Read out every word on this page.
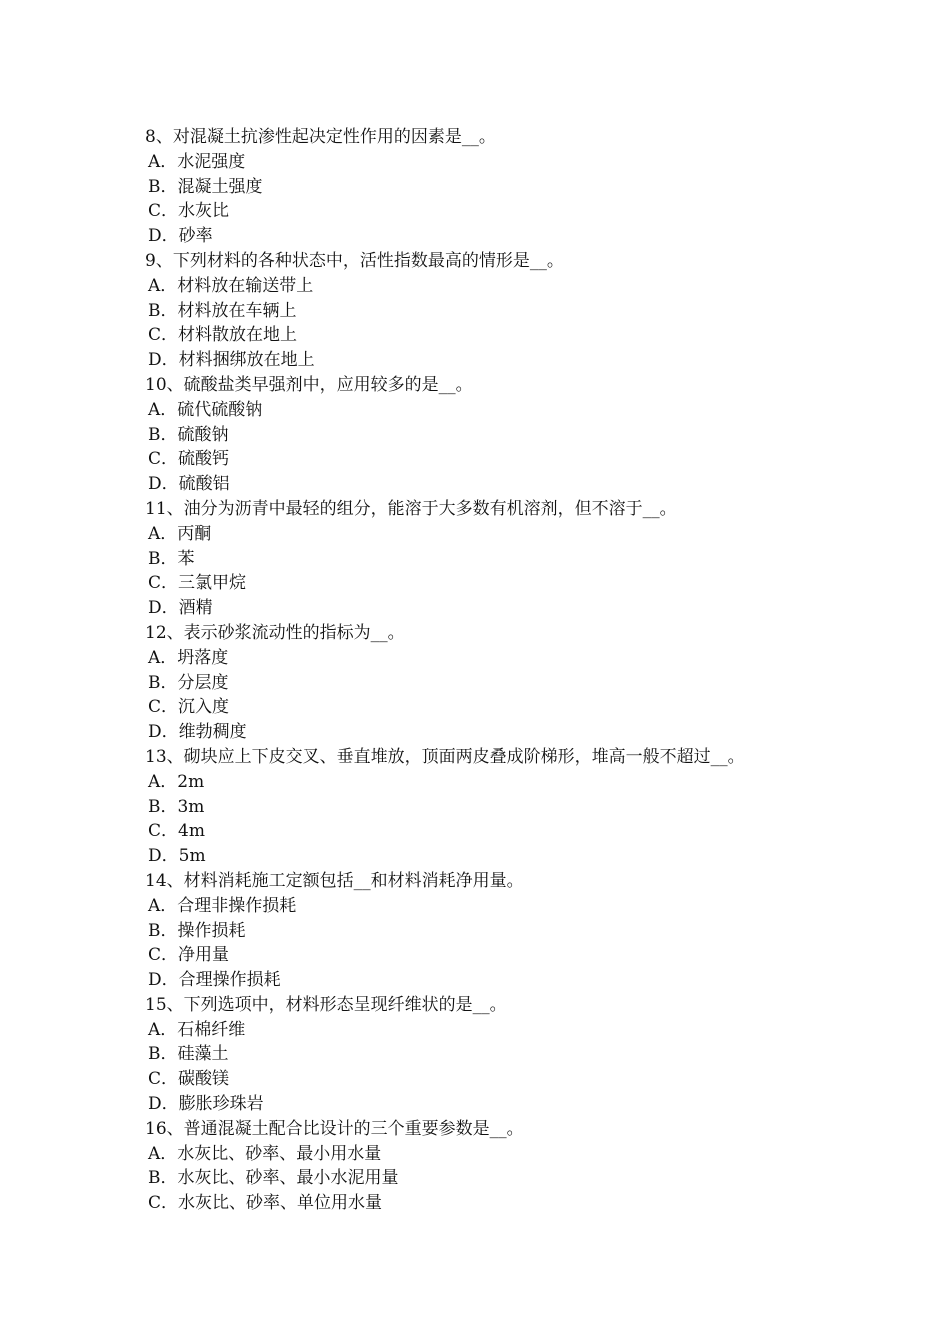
8、对混凝土抗渗性起决定性作用的因素是__。
A．水泥强度
B．混凝土强度
C．水灰比
D．砂率
9、下列材料的各种状态中，活性指数最高的情形是__。
A．材料放在输送带上
B．材料放在车辆上
C．材料散放在地上
D．材料捆绑放在地上
10、硫酸盐类早强剂中，应用较多的是__。
A．硫代硫酸钠
B．硫酸钠
C．硫酸钙
D．硫酸铝
11、油分为沥青中最轻的组分，能溶于大多数有机溶剂，但不溶于__。
A．丙酮
B．苯
C．三氯甲烷
D．酒精
12、表示砂浆流动性的指标为__。
A．坍落度
B．分层度
C．沉入度
D．维勃稠度
13、砌块应上下皮交叉、垂直堆放，顶面两皮叠成阶梯形，堆高一般不超过__。
A．2m
B．3m
C．4m
D．5m
14、材料消耗施工定额包括__和材料消耗净用量。
A．合理非操作损耗
B．操作损耗
C．净用量
D．合理操作损耗
15、下列选项中，材料形态呈现纤维状的是__。
A．石棉纤维
B．硅藻土
C．碳酸镁
D．膨胀珍珠岩
16、普通混凝土配合比设计的三个重要参数是__。
A．水灰比、砂率、最小用水量
B．水灰比、砂率、最小水泥用量
C．水灰比、砂率、单位用水量
